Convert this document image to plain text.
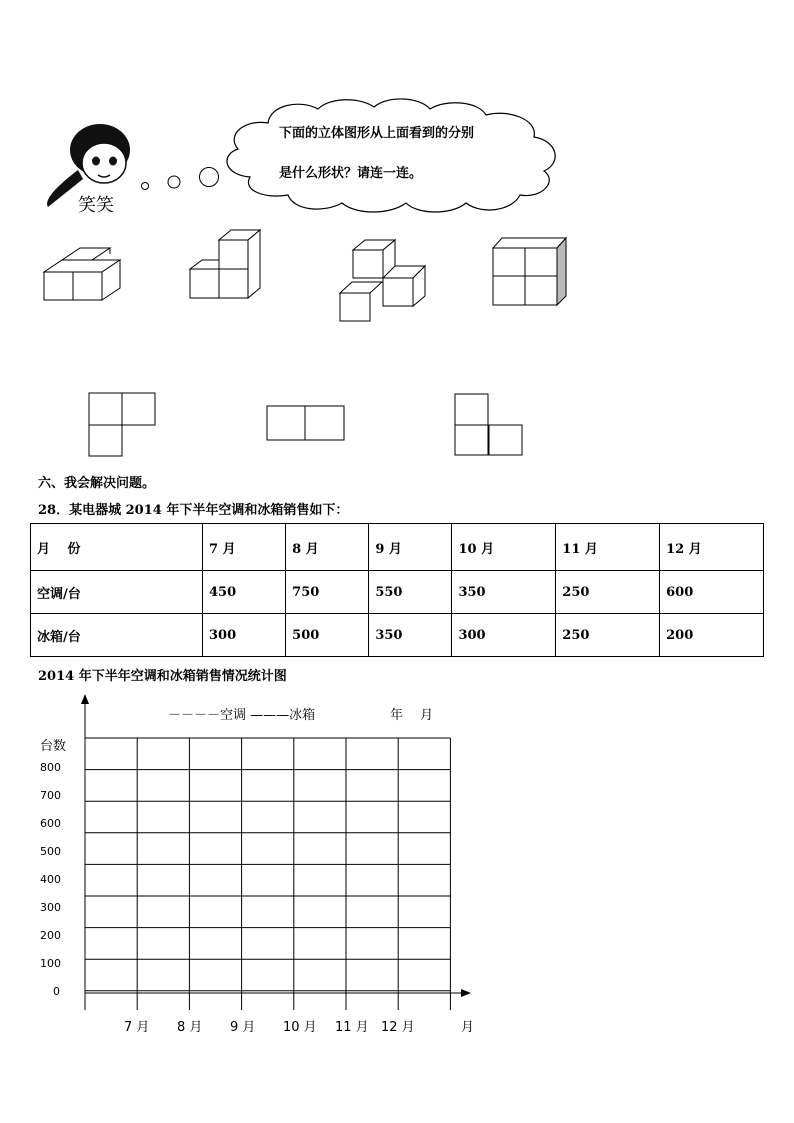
笑笑
下面的立体图形从上面看到的分别
是什么形状？请连一连。
六、我会解决问题。
28．某电器城 2014 年下半年空调和冰箱销售如下：
月　 份	7 月	8 月	9 月	10 月	11 月	12 月
空调/台	450	750	550	350	250	600
冰箱/台	300	500	350	300	250	200
2014 年下半年空调和冰箱销售情况统计图
－－－－空调 ———冰箱	年　 月
台数
800
700
600
500
400
300
200
100
0
7 月 8 月 9 月 10 月 11 月 12 月	月
